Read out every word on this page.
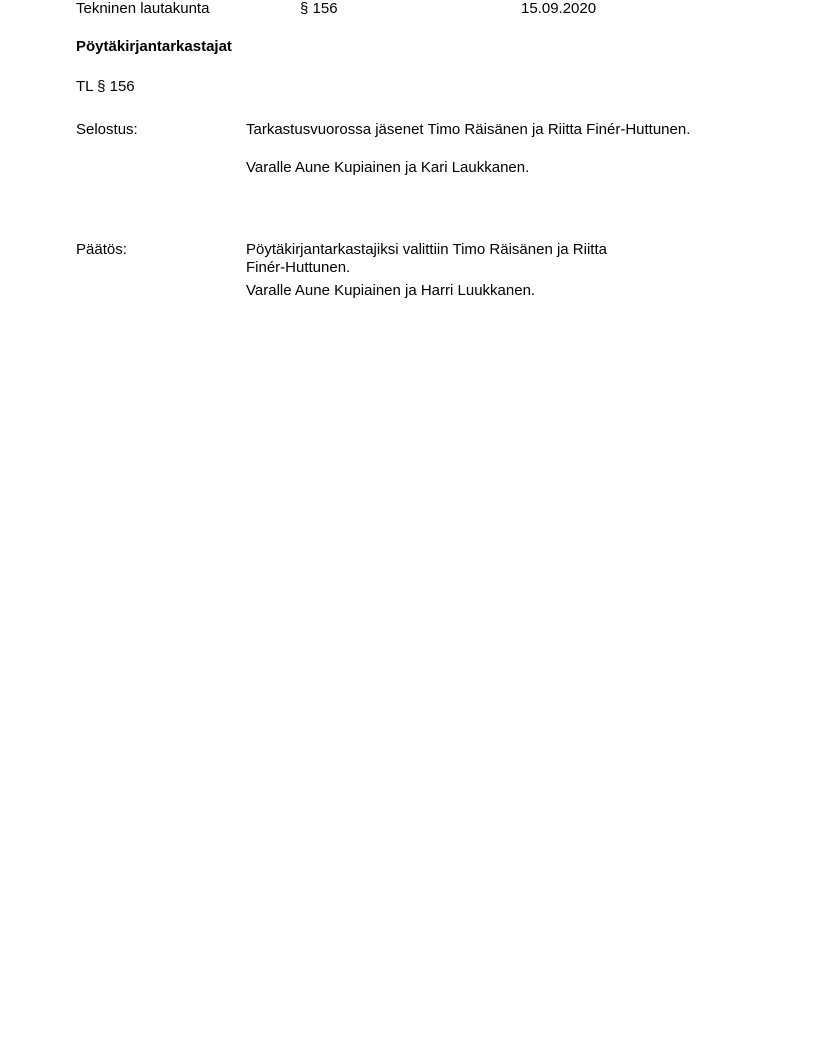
Tekninen lautakunta	§ 156	15.09.2020
Pöytäkirjantarkastajat
TL § 156
Selostus:	Tarkastusvuorossa jäsenet Timo Räisänen ja Riitta Finér-Huttunen.
Varalle Aune Kupiainen ja Kari Laukkanen.
Päätös:	Pöytäkirjantarkastajiksi valittiin Timo Räisänen ja Riitta

Finér-Huttunen.

Varalle Aune Kupiainen ja Harri Luukkanen.
